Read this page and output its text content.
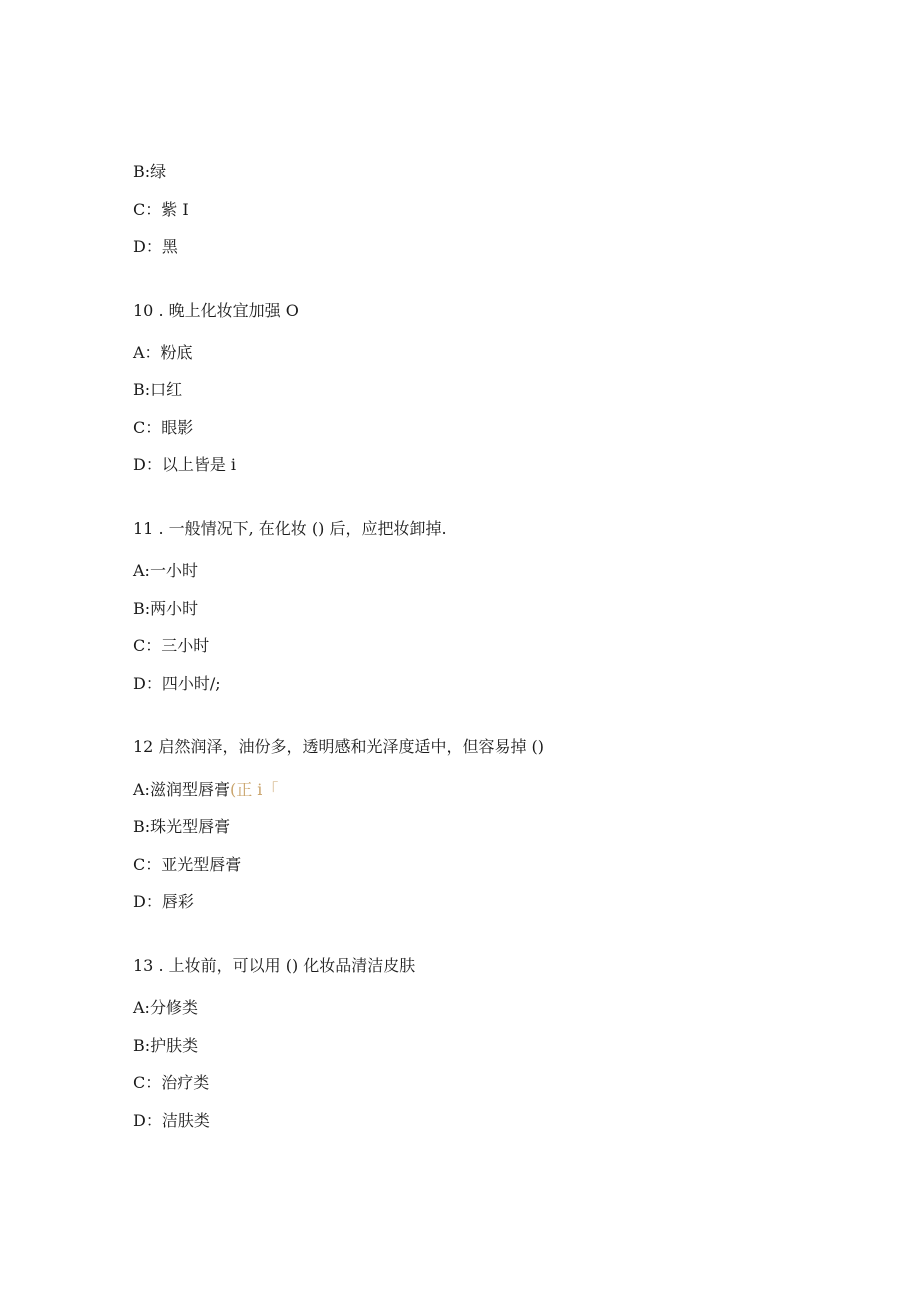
B:绿
C：紫 I
D：黑
10 . 晚上化妆宜加强 O
A：粉底
B:口红
C：眼影
D：以上皆是 i
11 . 一般情况下, 在化妆 () 后，应把妆卸掉.
A:一小时
B:两小时
C：三小时
D：四小时/;
12 启然润泽，油份多，透明感和光泽度适中，但容易掉 ()
A:滋润型唇膏(正 i「
B:珠光型唇膏
C：亚光型唇膏
D：唇彩
13 . 上妆前，可以用 () 化妆品清洁皮肤
A:分修类
B:护肤类
C：治疗类
D：洁肤类
